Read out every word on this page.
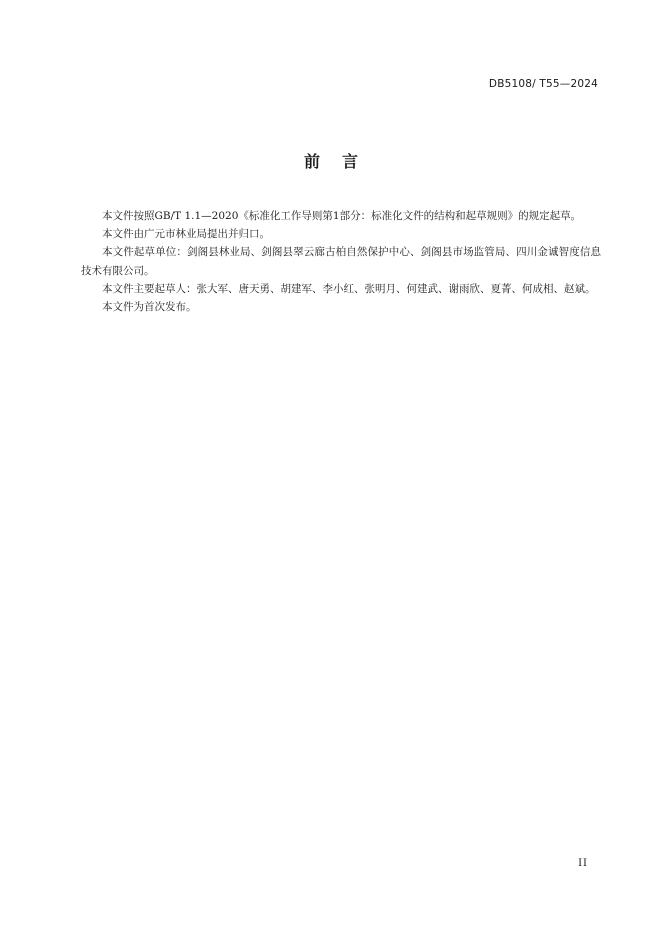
DB5108/ T55—2024
前 言

本文件按照GB/T 1.1—2020《标准化工作导则第1部分：标准化文件的结构和起草规则》的规定起草。

本文件由广元市林业局提出并归口。

本文件起草单位：剑阁县林业局、剑阁县翠云廊古柏自然保护中心、剑阁县市场监管局、四川金诚智度信息技术有限公司。

本文件主要起草人：张大军、唐天勇、胡建军、李小红、张明月、何建武、谢雨欣、夏菁、何成相、赵斌。

本文件为首次发布。

II
